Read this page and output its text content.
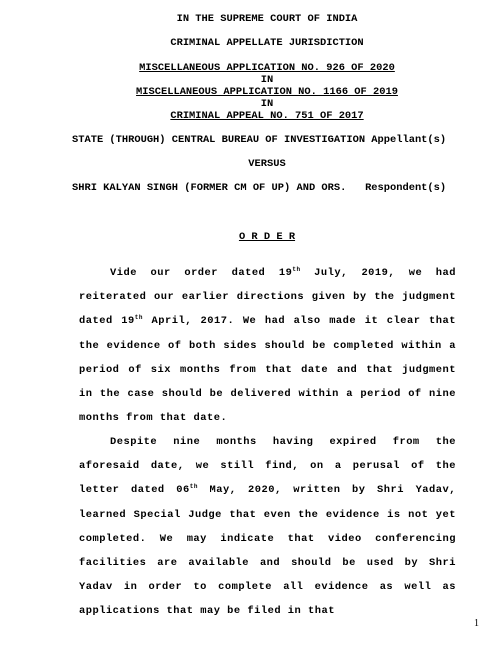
IN THE SUPREME COURT OF INDIA
CRIMINAL APPELLATE JURISDICTION
MISCELLANEOUS APPLICATION NO. 926 OF 2020
IN
MISCELLANEOUS APPLICATION NO. 1166 OF 2019
IN
CRIMINAL APPEAL NO. 751 OF 2017
STATE (THROUGH) CENTRAL BUREAU OF INVESTIGATION Appellant(s)
VERSUS
SHRI KALYAN SINGH (FORMER CM OF UP) AND ORS.   Respondent(s)
O R D E R
Vide our order dated 19th July, 2019, we had reiterated our earlier directions given by the judgment dated 19th April, 2017. We had also made it clear that the evidence of both sides should be completed within a period of six months from that date and that judgment in the case should be delivered within a period of nine months from that date.
Despite nine months having expired from the aforesaid date, we still find, on a perusal of the letter dated 06th May, 2020, written by Shri Yadav, learned Special Judge that even the evidence is not yet completed. We may indicate that video conferencing facilities are available and should be used by Shri Yadav in order to complete all evidence as well as applications that may be filed in that
1
